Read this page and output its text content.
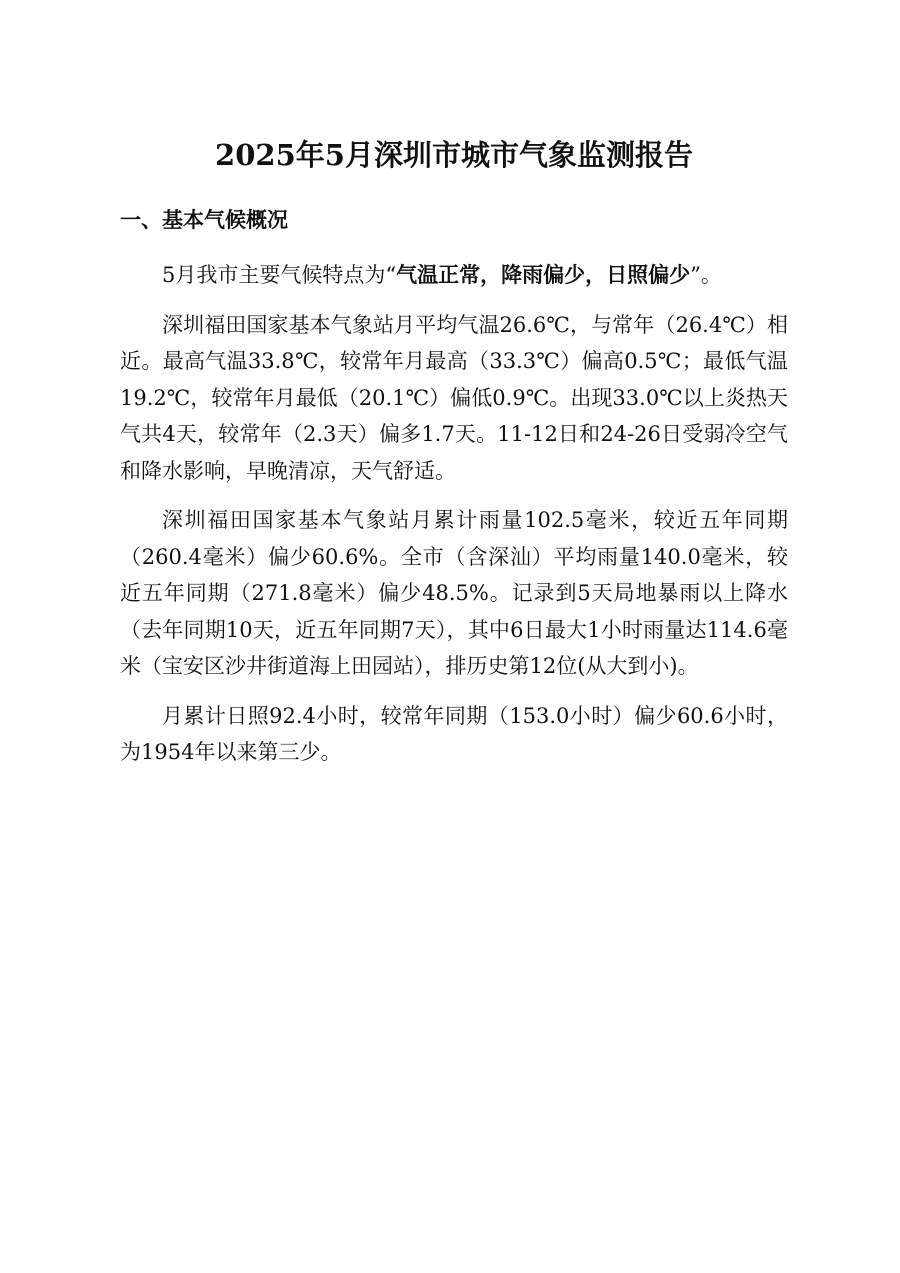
2025年5月深圳市城市气象监测报告
一、基本气候概况

5月我市主要气候特点为“气温正常，降雨偏少，日照偏少”。

深圳福田国家基本气象站月平均气温26.6℃，与常年（26.4℃）相近。最高气温33.8℃，较常年月最高（33.3℃）偏高0.5℃；最低气温19.2℃，较常年月最低（20.1℃）偏低0.9℃。出现33.0℃以上炎热天气共4天，较常年（2.3天）偏多1.7天。11-12日和24-26日受弱冷空气和降水影响，早晚清凉，天气舒适。

深圳福田国家基本气象站月累计雨量102.5毫米，较近五年同期（260.4毫米）偏少60.6%。全市（含深汕）平均雨量140.0毫米，较近五年同期（271.8毫米）偏少48.5%。记录到5天局地暴雨以上降水（去年同期10天，近五年同期7天），其中6日最大1小时雨量达114.6毫米（宝安区沙井街道海上田园站），排历史第12位(从大到小)。

月累计日照92.4小时，较常年同期（153.0小时）偏少60.6小时，为1954年以来第三少。
